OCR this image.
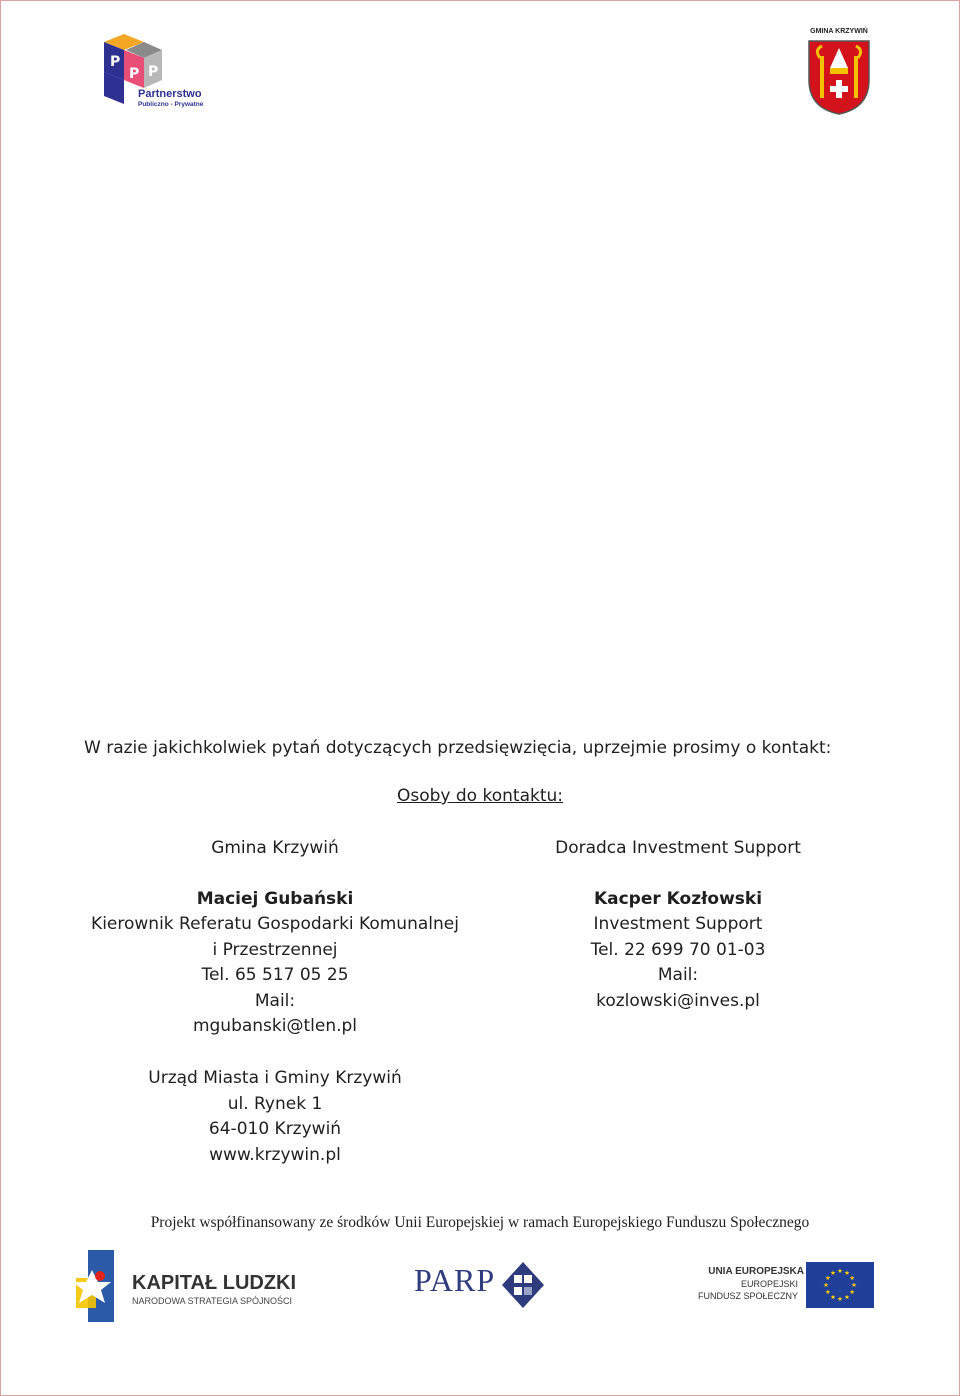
P
P P
Partnerstwo
Publiczno - Prywatne
GMINA KRZYWIŃ
W razie jakichkolwiek pytań dotyczących przedsięwzięcia, uprzejmie prosimy o kontakt:
Osoby do kontaktu:
Gmina Krzywiń
Maciej Gubański
Kierownik Referatu Gospodarki Komunalnej
i Przestrzennej
Tel. 65 517 05 25
Mail:
mgubanski@tlen.pl
Doradca Investment Support
Kacper Kozłowski
Investment Support
Tel. 22 699 70 01-03
Mail:
kozlowski@inves.pl
Urząd Miasta i Gminy Krzywiń
ul. Rynek 1
64-010 Krzywiń
www.krzywin.pl
Projekt współfinansowany ze środków Unii Europejskiej w ramach Europejskiego Funduszu Społecznego
KAPITAŁ LUDZKI
NARODOWA STRATEGIA SPÓJNOŚCI
PARP	UNIA EUROPEJSKA
EUROPEJSKI
FUNDUSZ SPOŁECZNY
